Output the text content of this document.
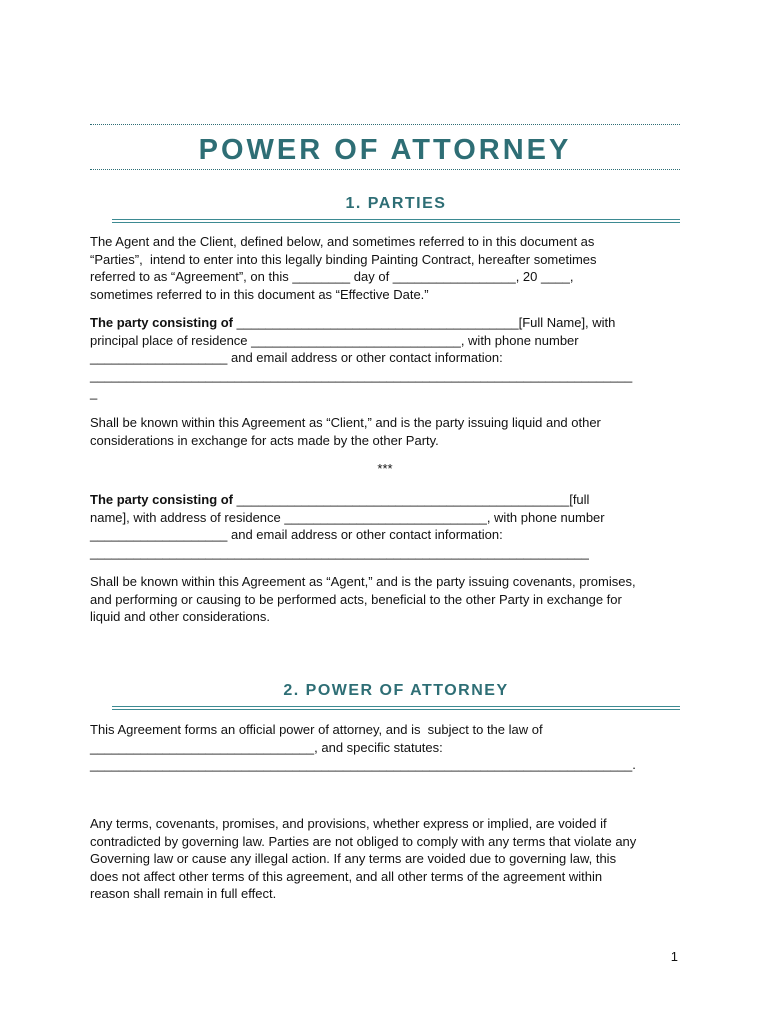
POWER OF ATTORNEY
1. PARTIES

The Agent and the Client, defined below, and sometimes referred to in this document as
“Parties”,  intend to enter into this legally binding Painting Contract, hereafter sometimes
referred to as “Agreement”, on this ________ day of _________________, 20 ____,
sometimes referred to in this document as “Effective Date.”

The party consisting of _______________________________________[Full Name], with
principal place of residence _____________________________, with phone number
___________________ and email address or other contact information:
___________________________________________________________________________
_

Shall be known within this Agreement as “Client,” and is the party issuing liquid and other
considerations in exchange for acts made by the other Party.

***

The party consisting of ______________________________________________[full
name], with address of residence ____________________________, with phone number
___________________ and email address or other contact information:
_____________________________________________________________________

Shall be known within this Agreement as “Agent,” and is the party issuing covenants, promises,
and performing or causing to be performed acts, beneficial to the other Party in exchange for
liquid and other considerations.

2. POWER OF ATTORNEY

This Agreement forms an official power of attorney, and is  subject to the law of
_______________________________, and specific statutes:
___________________________________________________________________________.

Any terms, covenants, promises, and provisions, whether express or implied, are voided if
contradicted by governing law. Parties are not obliged to comply with any terms that violate any
Governing law or cause any illegal action. If any terms are voided due to governing law, this
does not affect other terms of this agreement, and all other terms of the agreement within
reason shall remain in full effect.

1
